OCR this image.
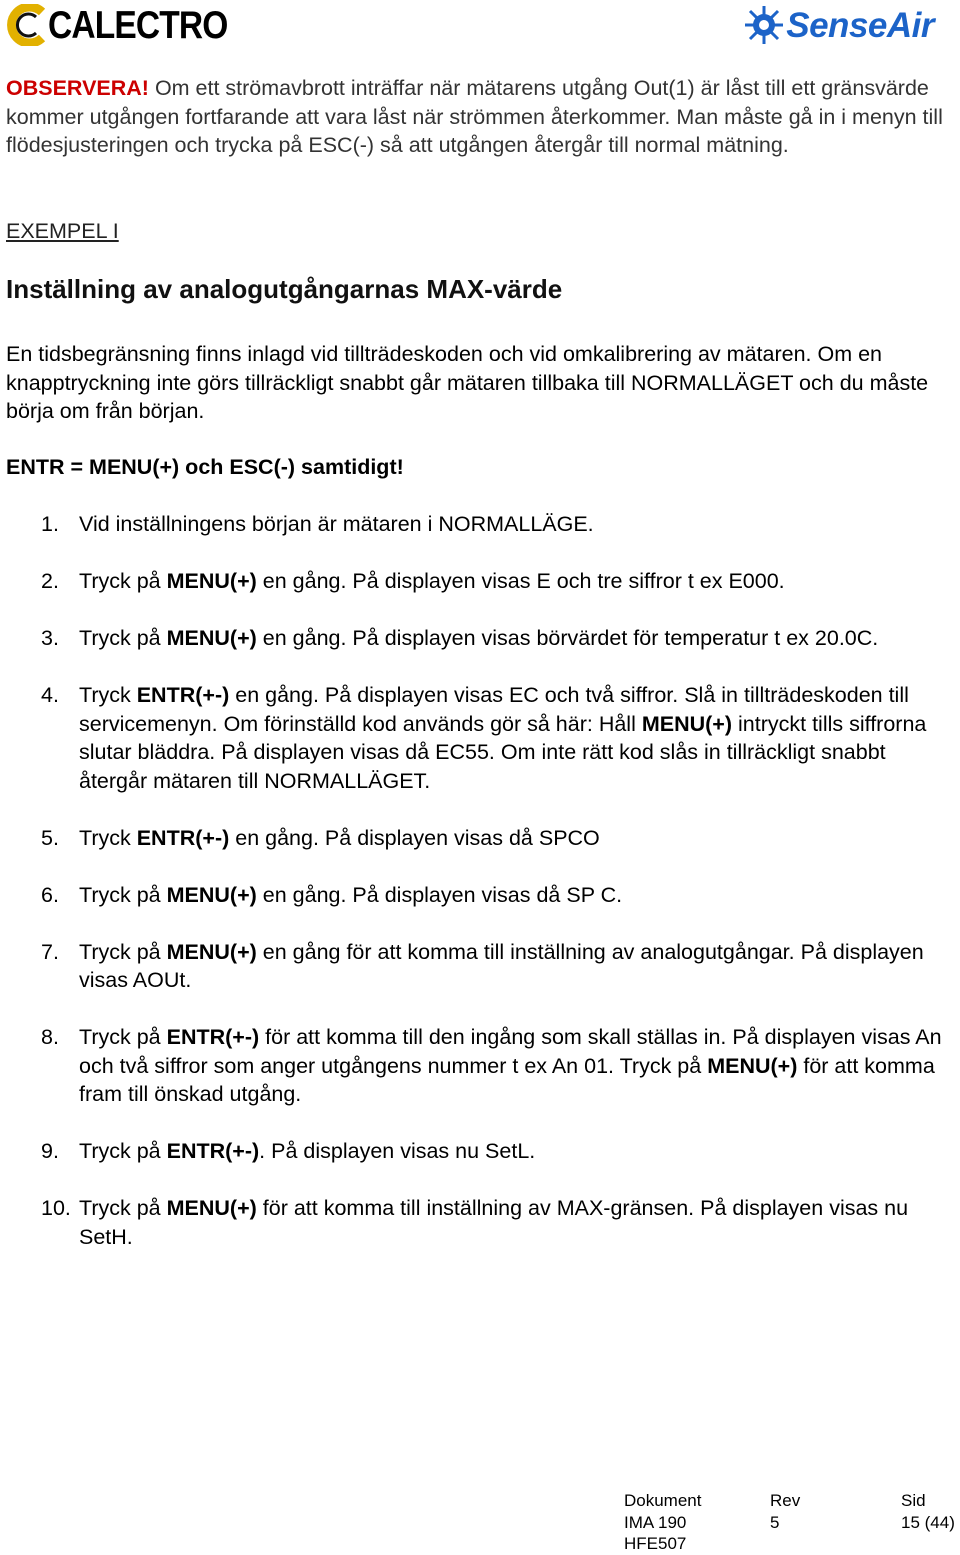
CALECTRO	SenseAir
OBSERVERA! Om ett strömavbrott inträffar när mätarens utgång Out(1) är låst till ett gränsvärde kommer utgången fortfarande att vara låst när strömmen återkommer. Man måste gå in i menyn till flödesjusteringen och trycka på ESC(-) så att utgången återgår till normal mätning.
EXEMPEL I
Inställning av analogutgångarnas MAX-värde
En tidsbegränsning finns inlagd vid tillträdeskoden och vid omkalibrering av mätaren. Om en knapptryckning inte görs tillräckligt snabbt går mätaren tillbaka till NORMALLÄGET och du måste börja om från början.
ENTR = MENU(+) och ESC(-) samtidigt!
1. Vid inställningens början är mätaren i NORMALLÄGE.
2. Tryck på MENU(+) en gång. På displayen visas E och tre siffror t ex E000.
3. Tryck på MENU(+) en gång. På displayen visas börvärdet för temperatur t ex 20.0C.
4. Tryck ENTR(+-) en gång. På displayen visas EC och två siffror. Slå in tillträdeskoden till servicemenyn. Om förinställd kod används gör så här: Håll MENU(+) intryckt tills siffrorna slutar bläddra. På displayen visas då EC55. Om inte rätt kod slås in tillräckligt snabbt återgår mätaren till NORMALLÄGET.
5. Tryck ENTR(+-) en gång. På displayen visas då SPCO
6. Tryck på MENU(+) en gång. På displayen visas då SP C.
7. Tryck på MENU(+) en gång för att komma till inställning av analogutgångar. På displayen visas AOUt.
8. Tryck på ENTR(+-) för att komma till den ingång som skall ställas in. På displayen visas An och två siffror som anger utgångens nummer t ex An 01. Tryck på MENU(+) för att komma fram till önskad utgång.
9. Tryck på ENTR(+-). På displayen visas nu SetL.
10. Tryck på MENU(+) för att komma till inställning av MAX-gränsen. På displayen visas nu SetH.
Dokument	Rev	Sid
IMA 190	5	15 (44)
HFE507
